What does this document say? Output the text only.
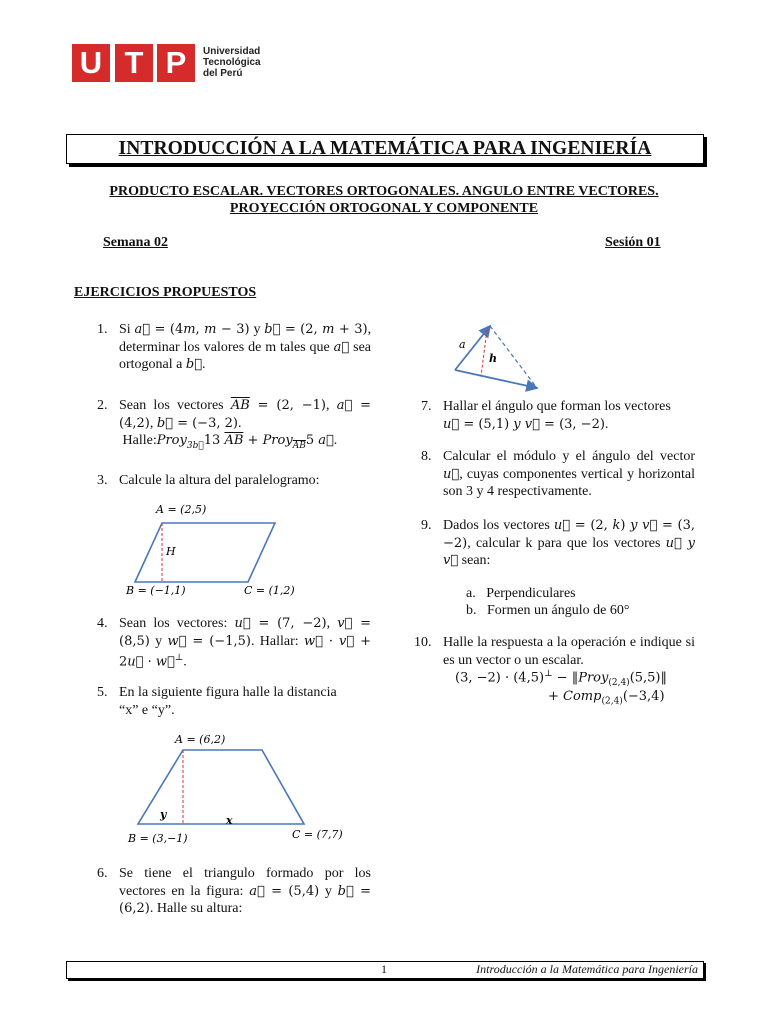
U T P	Universidad
Tecnológica
del Perú
INTRODUCCIÓN A LA MATEMÁTICA PARA INGENIERÍA
PRODUCTO ESCALAR. VECTORES ORTOGONALES. ANGULO ENTRE VECTORES.
PROYECCIÓN ORTOGONAL Y COMPONENTE
Semana 02	Sesión 01
EJERCICIOS PROPUESTOS
1. Si a⃗ = (4m, m − 3) y b⃗ = (2, m + 3), determinar los valores de m tales que a⃗ sea ortogonal a b⃗.
2. Sean los vectores $\overline{AB} = (2$, −1), a⃗ = (4,2), b⃗ = (−3, 2).
Halle:Proy$_{3b⃗}$13 $\overline{AB}$ + Proy$_{\overline{AB}}$5 a⃗.
3. Calcule la altura del paralelogramo:
A = (2,5)
H
B = (−1,1)	C = (1,2)
4. Sean los vectores: u⃗ = (7, −2), v⃗ = (8,5) y w⃗ = (−1,5). Hallar: w⃗ · v⃗ + 2u⃗ · w⃗⊥.
5. En la siguiente figura halle la distancia
“x” e “y”.
A = (6,2)
y	x
B = (3,−1)	C = (7,7)
6. Se tiene el triangulo formado por los vectores en la figura: a⃗ = (5,4) y b⃗ = (6,2). Halle su altura:
a
h
7. Hallar el ángulo que forman los vectores
u⃗ = (5,1) y v⃗ = (3, −2).
8. Calcular el módulo y el ángulo del vector u⃗, cuyas componentes vertical y horizontal son 3 y 4 respectivamente.
9. Dados los vectores u⃗ = (2, k) y v⃗ = (3, −2), calcular k para que los vectores u⃗ y v⃗ sean:
a. Perpendiculares
b. Formen un ángulo de 60°
10. Halle la respuesta a la operación e indique si es un vector o un escalar.
(3, −2) · (4,5)⊥ − ‖Proy$_{(2,4)}$(5,5)‖
+ Comp$_{(2,4)}$(−3,4)
1	Introducción a la Matemática para Ingeniería
